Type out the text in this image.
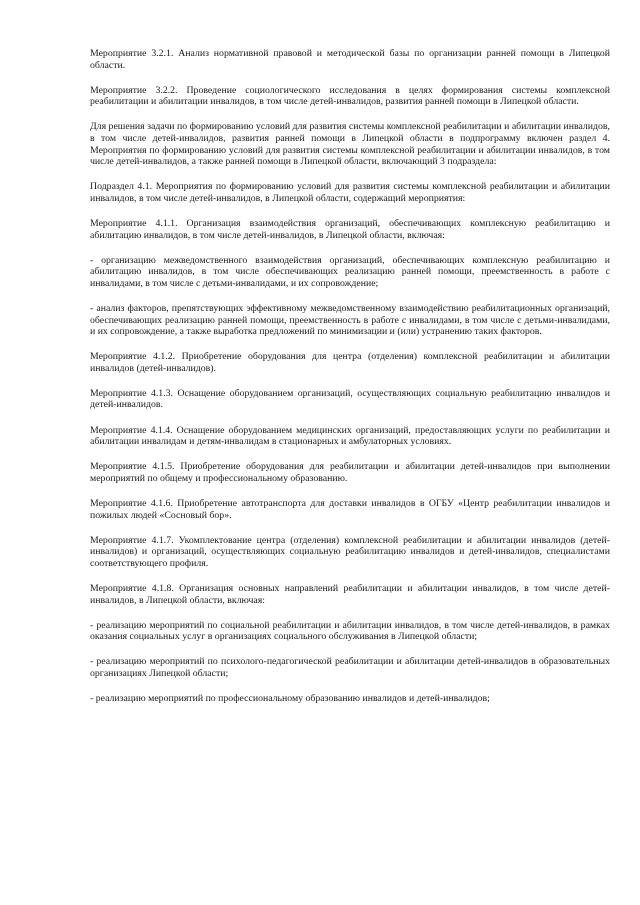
Мероприятие 3.2.1. Анализ нормативной правовой и методической базы по организации ранней помощи в Липецкой области.

Мероприятие 3.2.2. Проведение социологического исследования в целях формирования системы комплексной реабилитации и абилитации инвалидов, в том числе детей-инвалидов, развития ранней помощи в Липецкой области.

Для решения задачи по формированию условий для развития системы комплексной реабилитации и абилитации инвалидов, в том числе детей-инвалидов, развития ранней помощи в Липецкой области в подпрограмму включен раздел 4. Мероприятия по формированию условий для развития системы комплексной реабилитации и абилитации инвалидов, в том числе детей-инвалидов, а также ранней помощи в Липецкой области, включающий 3 подраздела:

Подраздел 4.1. Мероприятия по формированию условий для развития системы комплексной реабилитации и абилитации инвалидов, в том числе детей-инвалидов, в Липецкой области, содержащий мероприятия:

Мероприятие 4.1.1. Организация взаимодействия организаций, обеспечивающих комплексную реабилитацию и абилитацию инвалидов, в том числе детей-инвалидов, в Липецкой области, включая:

- организацию межведомственного взаимодействия организаций, обеспечивающих комплексную реабилитацию и абилитацию инвалидов, в том числе обеспечивающих реализацию ранней помощи, преемственность в работе с инвалидами, в том числе с детьми-инвалидами, и их сопровождение;

- анализ факторов, препятствующих эффективному межведомственному взаимодействию реабилитационных организаций, обеспечивающих реализацию ранней помощи, преемственность в работе с инвалидами, в том числе с детьми-инвалидами, и их сопровождение, а также выработка предложений по минимизации и (или) устранению таких факторов.

Мероприятие 4.1.2. Приобретение оборудования для центра (отделения) комплексной реабилитации и абилитации инвалидов (детей-инвалидов).

Мероприятие 4.1.3. Оснащение оборудованием организаций, осуществляющих социальную реабилитацию инвалидов и детей-инвалидов.

Мероприятие 4.1.4. Оснащение оборудованием медицинских организаций, предоставляющих услуги по реабилитации и абилитации инвалидам и детям-инвалидам в стационарных и амбулаторных условиях.

Мероприятие 4.1.5. Приобретение оборудования для реабилитации и абилитации детей-инвалидов при выполнении мероприятий по общему и профессиональному образованию.

Мероприятие 4.1.6. Приобретение автотранспорта для доставки инвалидов в ОГБУ «Центр реабилитации инвалидов и пожилых людей «Сосновый бор».

Мероприятие 4.1.7. Укомплектование центра (отделения) комплексной реабилитации и абилитации инвалидов (детей-инвалидов) и организаций, осуществляющих социальную реабилитацию инвалидов и детей-инвалидов, специалистами соответствующего профиля.

Мероприятие 4.1.8. Организация основных направлений реабилитации и абилитации инвалидов, в том числе детей-инвалидов, в Липецкой области, включая:

- реализацию мероприятий по социальной реабилитации и абилитации инвалидов, в том числе детей-инвалидов, в рамках оказания социальных услуг в организациях социального обслуживания в Липецкой области;

- реализацию мероприятий по психолого-педагогической реабилитации и абилитации детей-инвалидов в образовательных организациях Липецкой области;

- реализацию мероприятий по профессиональному образованию инвалидов и детей-инвалидов;
